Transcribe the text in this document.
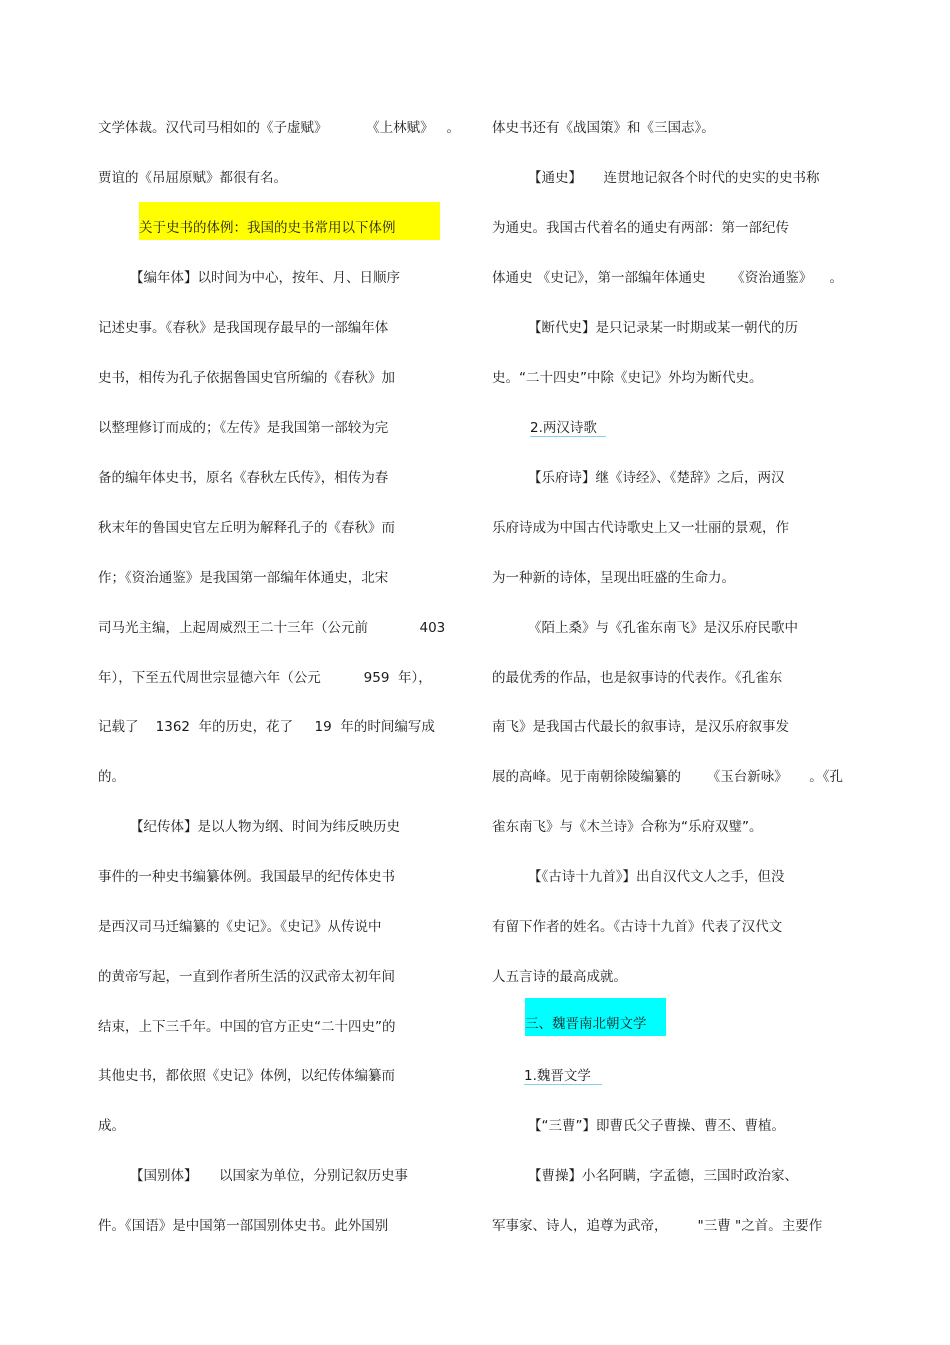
文学体裁。汉代司马相如的《子虚赋》         《上林赋》   。
贾谊的《吊屈原赋》都很有名。
关于史书的体例：我国的史书常用以下体例
【编年体】以时间为中心，按年、月、日顺序
记述史事。《春秋》是我国现存最早的一部编年体
史书，相传为孔子依据鲁国史官所编的《春秋》加
以整理修订而成的；《左传》是我国第一部较为完
备的编年体史书，原名《春秋左氏传》，相传为春
秋末年的鲁国史官左丘明为解释孔子的《春秋》而
作；《资治通鉴》是我国第一部编年体通史，北宋
司马光主编，上起周威烈王二十三年（公元前            403
年），下至五代周世宗显德六年（公元          959  年），
记载了    1362  年的历史，花了     19  年的时间编写成
的。
【纪传体】是以人物为纲、时间为纬反映历史
事件的一种史书编纂体例。我国最早的纪传体史书
是西汉司马迁编纂的《史记》。《史记》从传说中
的黄帝写起，一直到作者所生活的汉武帝太初年间
结束，上下三千年。中国的官方正史“二十四史”的
其他史书，都依照《史记》体例，以纪传体编纂而
成。
【国别体】     以国家为单位，分别记叙历史事
件。《国语》是中国第一部国别体史书。此外国别
体史书还有《战国策》和《三国志》。
【通史】     连贯地记叙各个时代的史实的史书称
为通史。我国古代着名的通史有两部：第一部纪传
体通史 《史记》，第一部编年体通史      《资治通鉴》    。
【断代史】是只记录某一时期或某一朝代的历
史。“二十四史”中除《史记》外均为断代史。
2.两汉诗歌
【乐府诗】继《诗经》、《楚辞》之后，两汉
乐府诗成为中国古代诗歌史上又一壮丽的景观，作
为一种新的诗体，呈现出旺盛的生命力。
《陌上桑》与《孔雀东南飞》是汉乐府民歌中
的最优秀的作品，也是叙事诗的代表作。《孔雀东
南飞》是我国古代最长的叙事诗，是汉乐府叙事发
展的高峰。见于南朝徐陵编纂的      《玉台新咏》     。《孔
雀东南飞》与《木兰诗》合称为“乐府双璧”。
【《古诗十九首》】出自汉代文人之手，但没
有留下作者的姓名。《古诗十九首》代表了汉代文
人五言诗的最高成就。
三、魏晋南北朝文学
1.魏晋文学
【“三曹”】即曹氏父子曹操、曹丕、曹植。
【曹操】小名阿瞒，字孟德，三国时政治家、
军事家、诗人，追尊为武帝，       "三曹 "之首。主要作
